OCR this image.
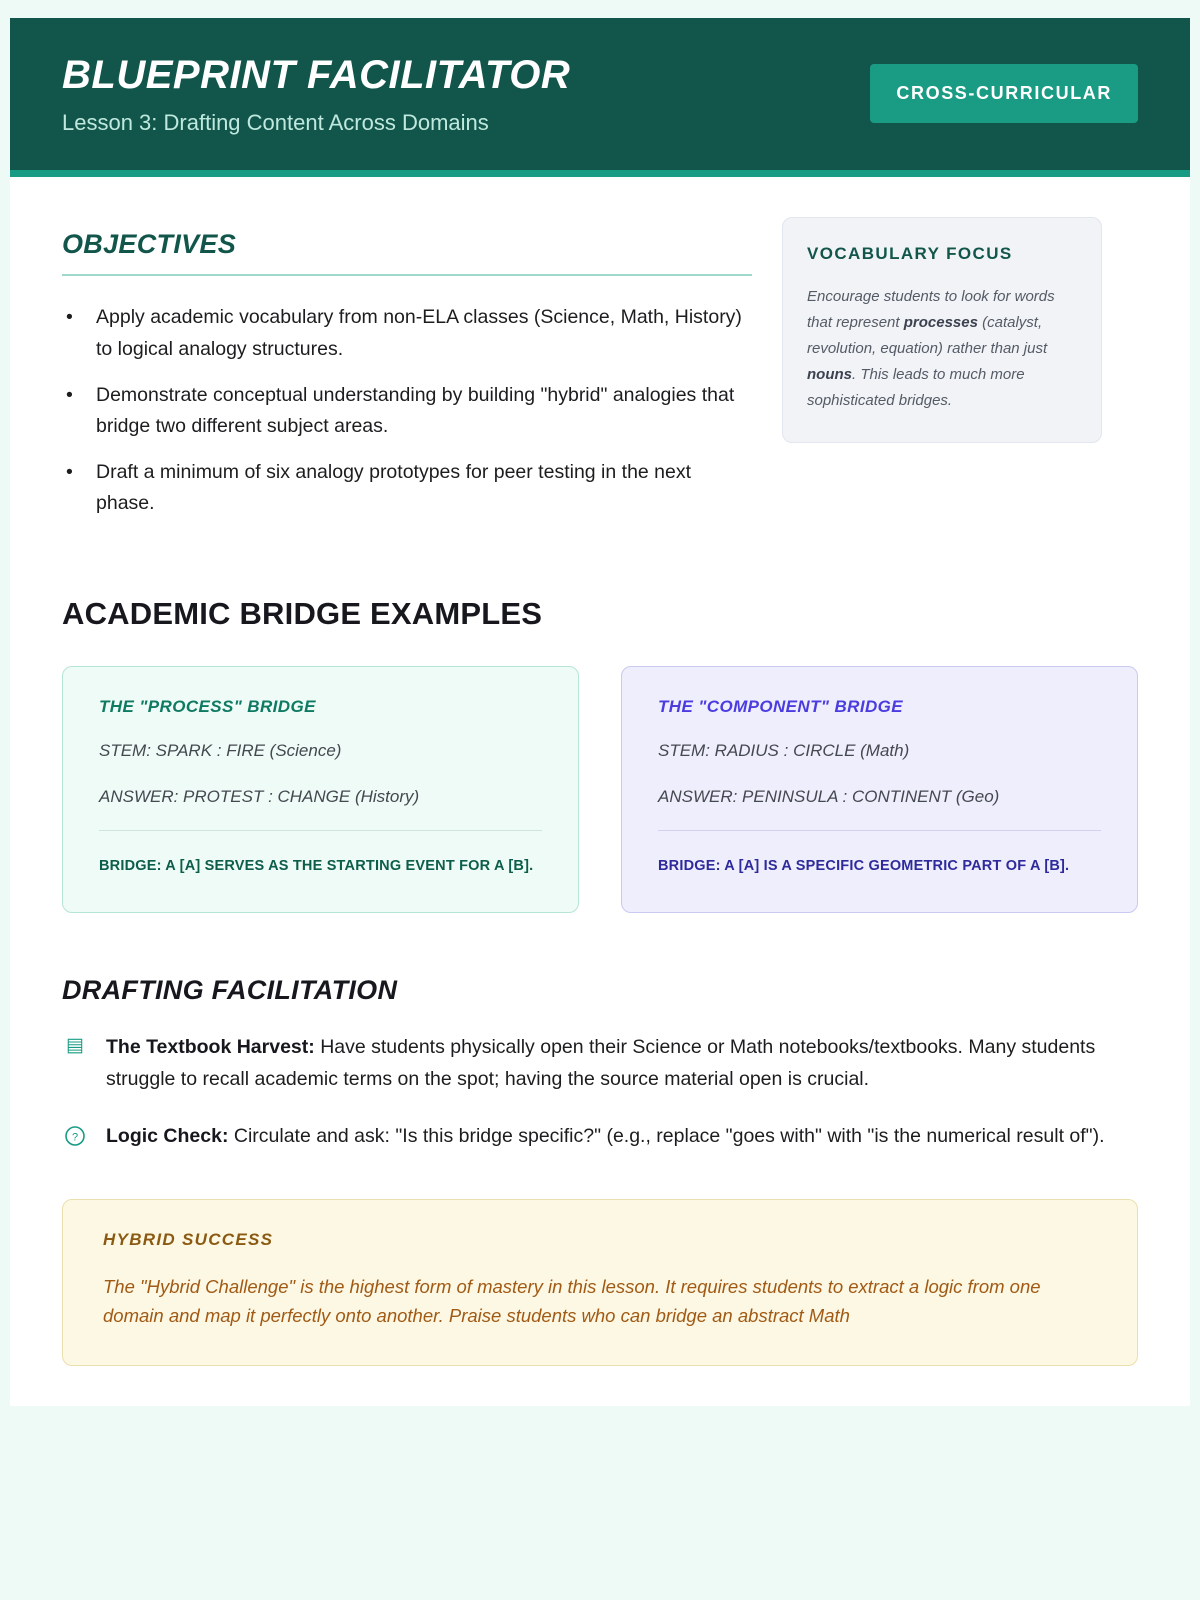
BLUEPRINT FACILITATOR
Lesson 3: Drafting Content Across Domains
CROSS-CURRICULAR
OBJECTIVES
• Apply academic vocabulary from non-ELA classes (Science, Math, History) to logical analogy structures.
• Demonstrate conceptual understanding by building "hybrid" analogies that bridge two different subject areas.
• Draft a minimum of six analogy prototypes for peer testing in the next phase.
VOCABULARY FOCUS
Encourage students to look for words that represent processes (catalyst, revolution, equation) rather than just nouns. This leads to much more sophisticated bridges.
ACADEMIC BRIDGE EXAMPLES
THE "PROCESS" BRIDGE
STEM: SPARK : FIRE (Science)
ANSWER: PROTEST : CHANGE (History)
BRIDGE: A [A] SERVES AS THE STARTING EVENT FOR A [B].
THE "COMPONENT" BRIDGE
STEM: RADIUS : CIRCLE (Math)
ANSWER: PENINSULA : CONTINENT (Geo)
BRIDGE: A [A] IS A SPECIFIC GEOMETRIC PART OF A [B].
DRAFTING FACILITATION
▤ The Textbook Harvest: Have students physically open their Science or Math notebooks/textbooks. Many students struggle to recall academic terms on the spot; having the source material open is crucial.
? Logic Check: Circulate and ask: "Is this bridge specific?" (e.g., replace "goes with" with "is the numerical result of").
HYBRID SUCCESS
The "Hybrid Challenge" is the highest form of mastery in this lesson. It requires students to extract a logic from one domain and map it perfectly onto another. Praise students who can bridge an abstract Math
